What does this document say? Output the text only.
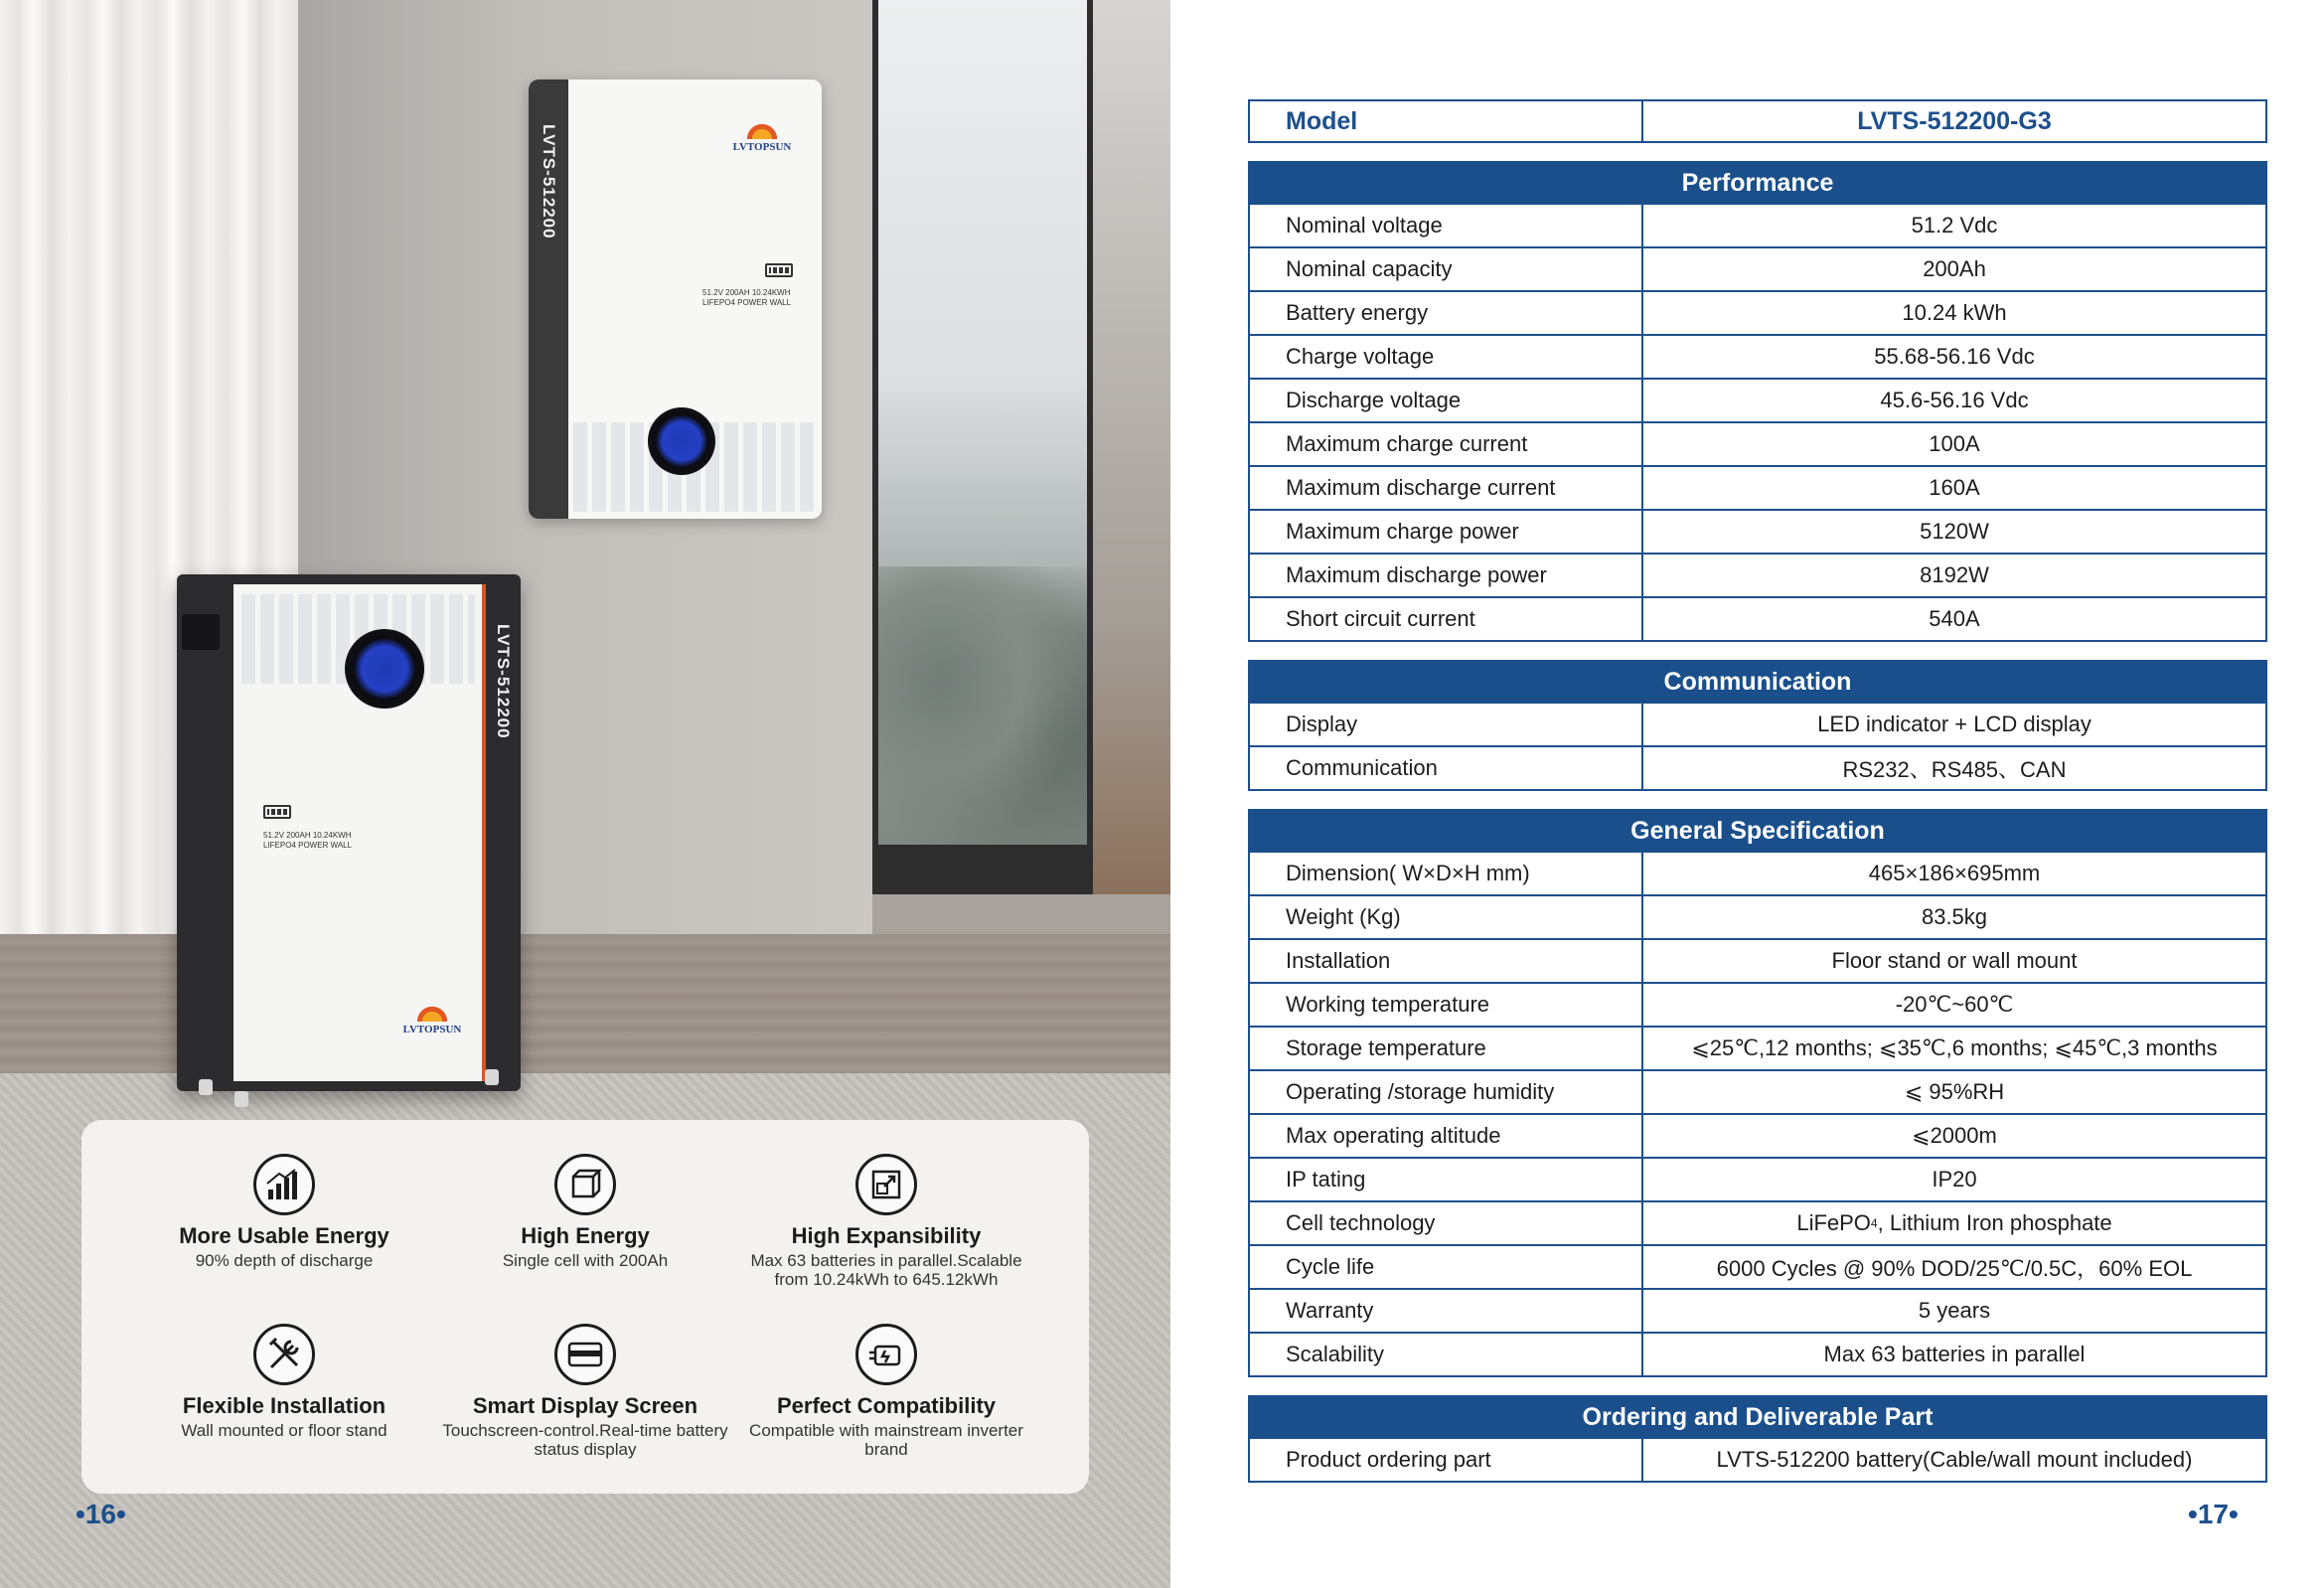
LVTS-512200	LVTOPSUN
51.2V 200AH 10.24KWH
LIFEPO4 POWER WALL
51.2V 200AH 10.24KWH
LIFEPO4 POWER WALL
LVTOPSUN
LVTS-512200
More Usable Energy
90% depth of discharge
High Energy
Single cell with 200Ah
High Expansibility
Max 63 batteries in parallel.Scalable from 10.24kWh to 645.12kWh
Flexible Installation
Wall mounted or floor stand
Smart Display Screen
Touchscreen-control.Real-time battery status display
Perfect Compatibility
Compatible with mainstream inverter brand
•16•
Model	LVTS-512200-G3
Performance
Nominal voltage	51.2 Vdc
Nominal capacity	200Ah
Battery energy	10.24 kWh
Charge voltage	55.68-56.16 Vdc
Discharge voltage	45.6-56.16 Vdc
Maximum charge current	100A
Maximum discharge current	160A
Maximum charge power	5120W
Maximum discharge power	8192W
Short circuit current	540A
Communication
Display	LED indicator + LCD display
Communication	RS232、RS485、CAN
General Specification
Dimension( W×D×H mm)	465×186×695mm
Weight (Kg)	83.5kg
Installation	Floor stand or wall mount
Working temperature	-20℃~60℃
Storage temperature	⩽25℃,12 months; ⩽35℃,6 months; ⩽45℃,3 months
Operating /storage humidity	⩽ 95%RH
Max operating altitude	⩽2000m
IP tating	IP20
Cell technology	LiFePO 4 , Lithium Iron phosphate
Cycle life	6000 Cycles @ 90% DOD/25℃/0.5C，60% EOL
Warranty	5 years
Scalability	Max 63 batteries in parallel
Ordering and Deliverable Part
Product ordering part	LVTS-512200 battery(Cable/wall mount included)
•17•
